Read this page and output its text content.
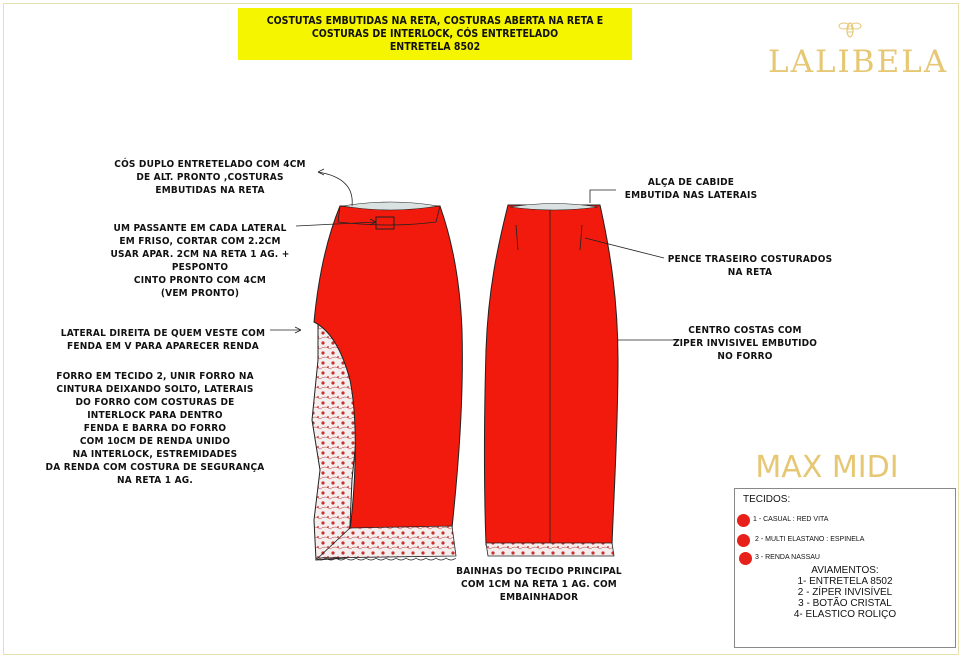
COSTUTAS EMBUTIDAS NA RETA, COSTURAS ABERTA NA RETA E
COSTURAS DE INTERLOCK, CÓS ENTRETELADO
ENTRETELA 8502	LALIBELA
MAX MIDI
CÓS DUPLO ENTRETELADO COM 4CM
DE ALT. PRONTO ,COSTURAS
EMBUTIDAS NA RETA
UM PASSANTE EM CADA LATERAL
EM FRISO, CORTAR COM 2.2CM
USAR APAR. 2CM NA RETA 1 AG. +
PESPONTO
CINTO PRONTO COM 4CM
(VEM PRONTO)
LATERAL DIREITA DE QUEM VESTE COM
FENDA EM V PARA APARECER RENDA
FORRO EM TECIDO 2, UNIR FORRO NA
CINTURA DEIXANDO SOLTO, LATERAIS
DO FORRO COM COSTURAS DE
INTERLOCK PARA DENTRO
FENDA E BARRA DO FORRO
COM 10CM DE RENDA UNIDO
NA INTERLOCK, ESTREMIDADES
DA RENDA COM COSTURA DE SEGURANÇA
NA RETA 1 AG.
ALÇA DE CABIDE
EMBUTIDA NAS LATERAIS
PENCE TRASEIRO COSTURADOS
NA RETA
CENTRO COSTAS COM
ZIPER INVISIVEL EMBUTIDO
NO FORRO
BAINHAS DO TECIDO PRINCIPAL
COM 1CM NA RETA 1 AG. COM
EMBAINHADOR
TECIDOS:
1 - CASUAL : RED VITA
2 - MULTI ELASTANO : ESPINELA
3 - RENDA NASSAU
AVIAMENTOS:
1- ENTRETELA 8502
2 - ZÍPER INVISÍVEL
3 - BOTÃO CRISTAL
4- ELASTICO ROLIÇO
